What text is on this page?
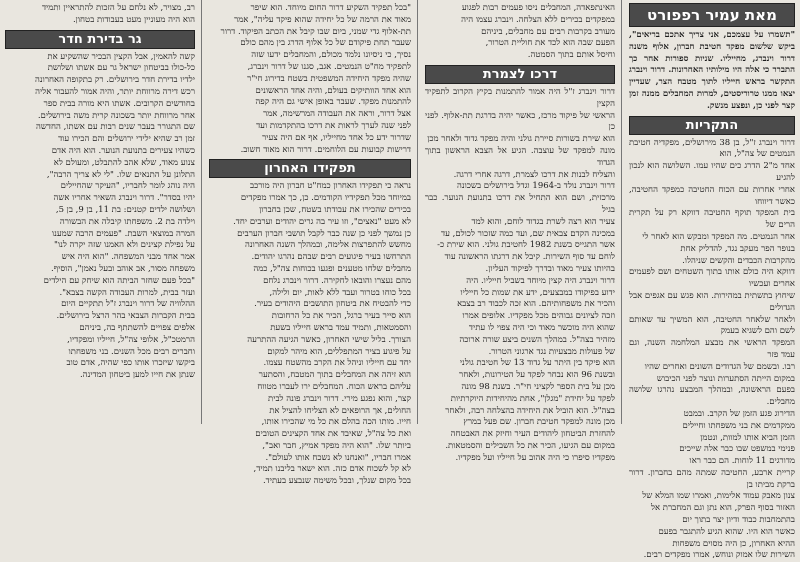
מאת עמיר רפפורט
"תשמרו על עצמכם, אני צריך אתכם בריאים", ביקש שלשום מפקד חטיבת חברון, אלוף משנה דרור וינברג, מחייליו. שניות ספורות אחר כך התברר כי אלה היו מילותיו האחרונות. דרור וינברג התקשר בראש חייליו לתוך מטבח הצר, שעדיין יצאו ממנו טרוריסטים, למרות המחבלים ממנה זמן קצר לפני כן, ונפצע מנשק.
התקריות
דרור וינברג ז"ל, בן 38 מירושלים, מפקדיה חטיבת הנמטים של צה"ל, הוא
אחד מ"2 הדרג כים שהיו עמו. השלושה הוא לנכון להגיע
אחרי אחרות עם הכוח החטיבה כמפקד החטיבה, כאשר דיווחו
בית המפקד תוקף החטיבה דווקא רק על תקרית הרים של
אחר הנמטים. מה המפקד ומבקש הוא לאחר לי
בנופר הפר מעקב נגד, להדליק אחת
מהקרבות הכבדים והקשים שניהלו.
דווקא היה כולם אותו בתוך השטחים ושם לפעמים אחרים ועכשיו
שיחוץ בתשתית במהירות. הוא פגש עם אגפים אבל הגדולים
ולאחר שלאחר החטיבה, הוא המשיך עד שאותם לשם והם לשגיא בעמק
המפקד הראשי את מבצע המלחמה השנה, וגם עמד פזר
רבו. ובשמם של הגדודים השונים ואחרים שהיו
במקום הייתה הסתערות ונוצר לפני הכיבוש
בפעם הראשונה, ובמהלך המבצע נהרגו שלושה מחבלים.
הדירוג פגע הזמן של הקרב. ובמבט
ממקדמים את בני משפחתו וחיילים
הזמן הביא אותו למוות, ונטמן
פנימי במשפט שבו כבר אלה שייכים
מדורגים 11 לוחות. הם כבר ראו
קריית ארבע, החטיבה שמתה מהם בחברון. דרור ברקת מביתו בן
צנון מאבק עמוד אלימות, ואמרו שמו המלא של
האזור בסוף הפרק, הוא נתן וגם המחברת אל
בהתמחבות כבוד ודיון יצר בתוך יום
כאשר הוא היו. שהוא הגיע להתגבר בפעם
ההיא האחרון, כן היה מסוים משפחות
השירות שלו אמוק ונוחש, אמרו מפקדים רבים.
האינתפאדה, המחבלים ניסו פעמים רבות לפגוע
במפקדים בכירים ללא הצלחה. וינברג עצמו היה
מעורב בקרבות רבים עם מחבלים, ביניהם
הפעם שבה הוא לכד את חוליית הטרור,
וחיסל אותם בתוך הסמטה.
דרכו לצמרת
דרור וינברג ז"ל היה אמור להתמנות בקיץ הקרוב לתפקיד הקצין
הראשי של פיקוד מרכז, כאשר יהיה בדרגת תת-אלוף. לפני כן
הוא שירת בשורות סיירת גולני והיה מפקד גדוד ולאחר מכן
מונה למפקד של עוצבה. הגיע אל הצבא הראשון בתוך הגדוד
והצליח לבנות את דרכו לצמרת, דרגה אחרי דרגה.
דרור וינברג נולד ב-1964 וגדל בירושלים בשכונה
מרכזית, ושם הוא התחיל את דרכו בתנועת הנוער. כבר בגיל
צעיר הוא רצה לשרת בגדוד לוחם, והוא למד
במכינה הקדם צבאית שם, ועד כמה שזכור לכולם, עד
אשר התגייס בשנת 1982 לחטיבת גולני. הוא שירת כ-
לוחם עד סוף השירות. קיבל את דרגתו הראשונה עוד
בהיותו צעיר מאוד ובדרך לפיקוד העליון.
דרור וינברג היה קצין מיוחד בשביל חייליו. היה
ידוע בפיקודו במבצעים, ידע את שמות כל חייליו
והכיר את משפחותיהם. הוא זכה לכבוד רב בצבא
וזכה לציונים גבוהים מכל מפקדיו. אלופים אמרו
שהוא היה מוכשר מאוד וכי היה צפוי לו עתיד
מזהיר בצה"ל. במהלך השנים ביצע שורה ארוכה
של פעולות מבצעיות נגד ארגוני הטרור.
הוא פיקד בין היתר על גדוד 13 של חטיבת גולני
ובשנת 96 הוא נבחר לפקד על הטירונות, ולאחר
מכן על בית הספר לקציני חי"ר. בשנת 98 מונה
לפקד על יחידת "מגלן", אחת מהיחידות היוקרתיות
בצה"ל. הוא הוביל את היחידה בהצלחה רבה, ולאחר
מכן מונה למפקד חטיבת חברון. שם פעל במרץ
להחזרת הביטחון ליהודים העיר וחיזק את האבטחה
במקום עם הגיעו, הכיר את כל השבילים והסמטאות.
מפקדיו סיפרו כי היה אהוב על חייליו ועל מפקדיו.
"בכל תפקיד השקיע דרור החום מיוחד. הוא שיפר
מאוד את הרמה של כל יחידה שהוא פיקד עליה", אמר
תת-אלוף גדי שמני, ביום שבו קיבל את הכתב הפיקוד. דרור
שעבר תחת פיקודם של כל אלוף הדרג בין מהם כולם
נסיך, כי ניסיונו נלמד מכולם, והמחבלים ידעו שזה
לתפקיד מח"ט הנמטים. אגב, סגנו של דרור וינברג,
שהיה מפקד היחידה המשפטית בשטח בדירוג חי"ר
הוא אחד הוותיקים בעולם, והיה אחד הראשונים
להתמנות מפקד. שעבר באופן אישי גם היה קפה
אצל דרור, וראה את העבודה המרשימה, אמר
לפני שנה לערך לראות את דרכו בהתקדמות ועד
שדרור ידע כל אחד מחייליו, אף אם היה צעיר
דרישות קבועות עם הלוחמים. דרור הוא מאוד חשוב.
תפקידו האחרון
נראה כי תפקידו האחרון כמח"ט חברון היה מורכב
במיוחד מכל תפקידיו הקודמים. כן, כך אמרו מפקדים
בכירים שהכירו את עבודתו בשטח, שכן בחברון
לא מעט "נאצים", וזו עיר בה גרים יהודים וערבים יחד.
כן נמשך לפני כן שנה כבר לקבל תושבי חברון הערבים
מחשש להתפרצות אלימה, ובמהלך השנה האחרונה
התרחשו בעיר פיגועים רבים שבהם נהרגו יהודים.
מחבלים שלחו מטענים ופגעו בכוחות צה"ל, כמה
מהם נעצרו והובאו לחקירה. דרור וינברג נלחם
בכל כוחו בטרור ועבד ללא לאות, יום ולילה,
כדי להבטיח את ביטחון התושבים היהודים בעיר.
הוא סייר בעיר ברגל, הכיר את כל הרחובות
והסמטאות, ותמיד עמד בראש חייליו בשעת
הצורך. בליל שישי האחרון, כאשר הגיעה ההתרעה
על פיגוע בציר המתפללים, הוא מיהר למקום
יחד עם חייליו וניהל את הקרב מהשטח עצמו.
הוא זיהה את המחבלים בתוך המטבח, והסתער
עליהם בראש הכוח. המחבלים ירו לעברו מטווח
קצר, והוא נפגע מירי. דרור וינברג פונה לבית
החולים, אך הרופאים לא הצליחו להציל את
חייו. מותו הכה בהלם את כל מי שהכירו אותו,
ואת כל צה"ל, שאיבד את אחד הקצינים הטובים
ביותר שלו. "הוא היה מפקד אמיץ, חבר ואב",
אמרו חבריו, "ואנחנו לא נשכח אותו לעולם".
לא קל לשכוח אדם כזה. הוא ישאר בליבנו תמיד,
בכל מקום שנלך, ובכל משימה שנבצע בעתיד.
רב, מצויר, לא נלחם על הזכות להתראיין ותמיד
הוא היה מעוניין מעט בעבודות בטחון.
גר בדירת חדר
קשה להאמין, אבל הקצין הבכיר שהשקיע את
כל-כולו בביטחון ישראל גר עם אשתו ושלושת
ילדיו בדירת חדר בירושלים. רק בתקופה האחרונה
רכש דירה מרווחת יותר, והיה אמור להעבור אליה
בחודשים הקרובים. אשתו היא מורה בבית ספר
אחר מרווחת יותר בשכונה קרית משה בירושלים.
שם התגורר בעבר שנים רבות עם אשתו, החדשה
זמן רב שהיא ילידי ירושלים והם הכירו עוד
כשהיו צעירים בתנועת הנוער. הוא היה אדם
צנוע מאוד, שלא אהב להתבלט, ומעולם לא
התלונן על התנאים שלו. "לי לא צריך הרבה",
היה נוהג לומר לחבריו, "העיקר שהחיילים
יהיו בסדר". דרור וינברג השאיר אחריו אשה
ושלושה ילדים קטנים: בת 11, בן 9, בן 5,
וילדה בת 2. משפחתו קיבלה את הבשורה
המרה במוצאי השבת. "פעמים הרבה שמענו
על נפילת קצינים ולא האמנו שזה יקרה לנו"
אמר אחד מבני המשפחה. "הוא היה איש
משפחה מסור, אב אוהב ובעל נאמן", הוסיף.
"בכל פעם שחזר הביתה הוא שיחק עם הילדים
ועזר בבית, למרות העבודה הקשה בצבא".
ההלוויה של דרור וינברג ז"ל תתקיים היום
בבית הקברות הצבאי בהר הרצל בירושלים.
אלפים צפויים להשתתף בה, ביניהם
הרמטכ"ל, אלופי צה"ל, חייליו ומפקדיו,
וחברים רבים מכל השנים. בני משפחתו
ביקשו שיזכרו אותו כפי שהיה, אדם טוב
שנתן את חייו למען ביטחון המדינה.
